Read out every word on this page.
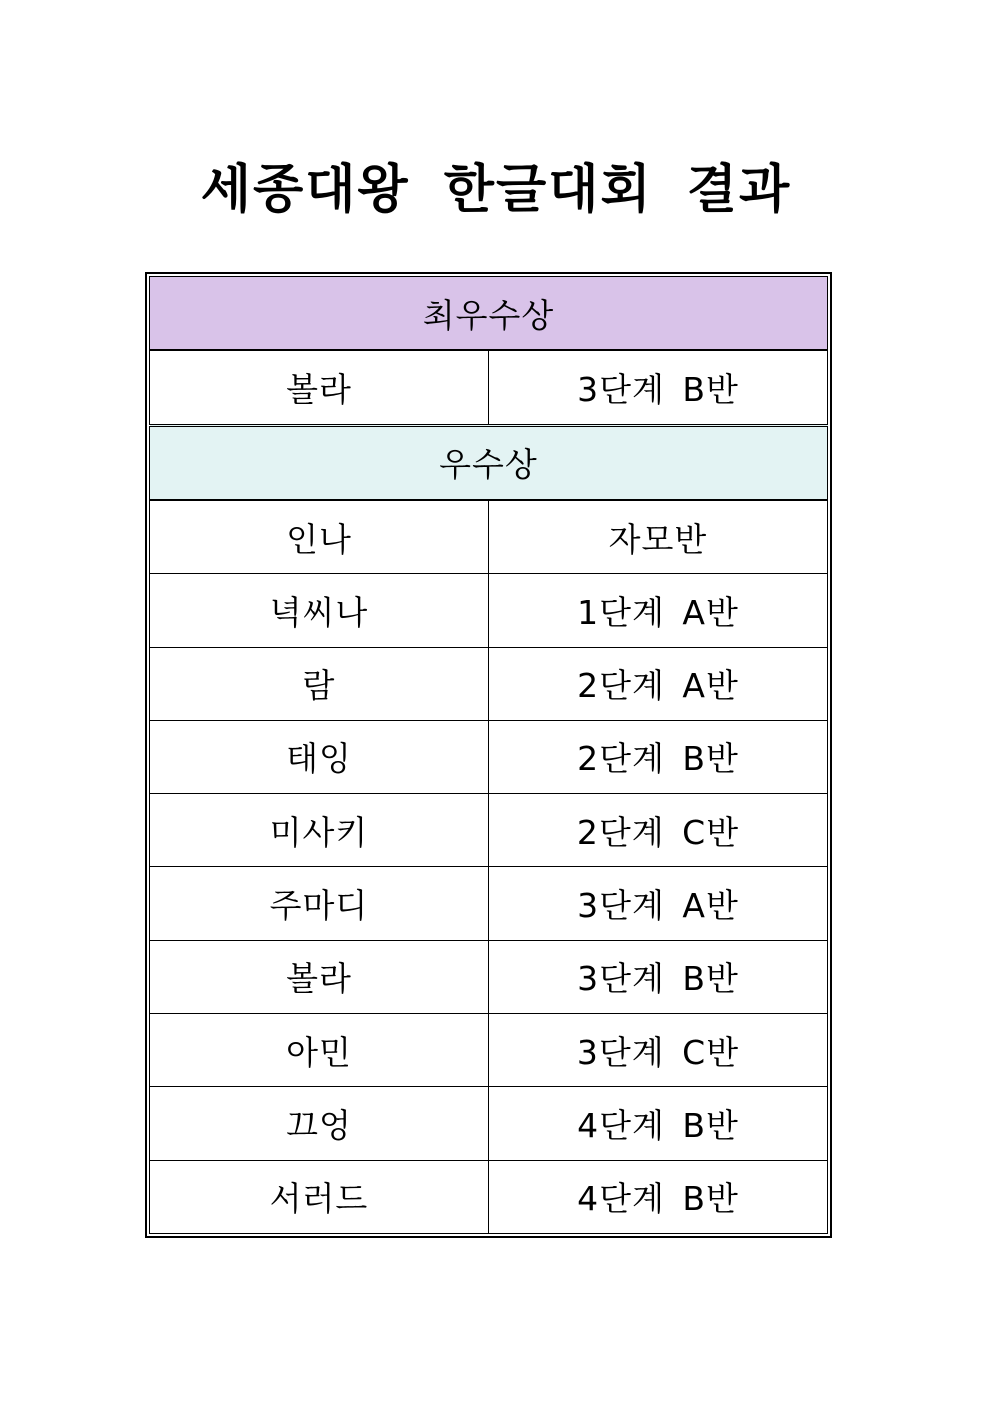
세종대왕 한글대회 결과
최우수상	
볼라	3단계 B반
우수상	
인나	자모반
녁씨나	1단계 A반
람	2단계 A반
태잉	2단계 B반
미사키	2단계 C반
주마디	3단계 A반
볼라	3단계 B반
아민	3단계 C반
끄엉	4단계 B반
서러드	4단계 B반
